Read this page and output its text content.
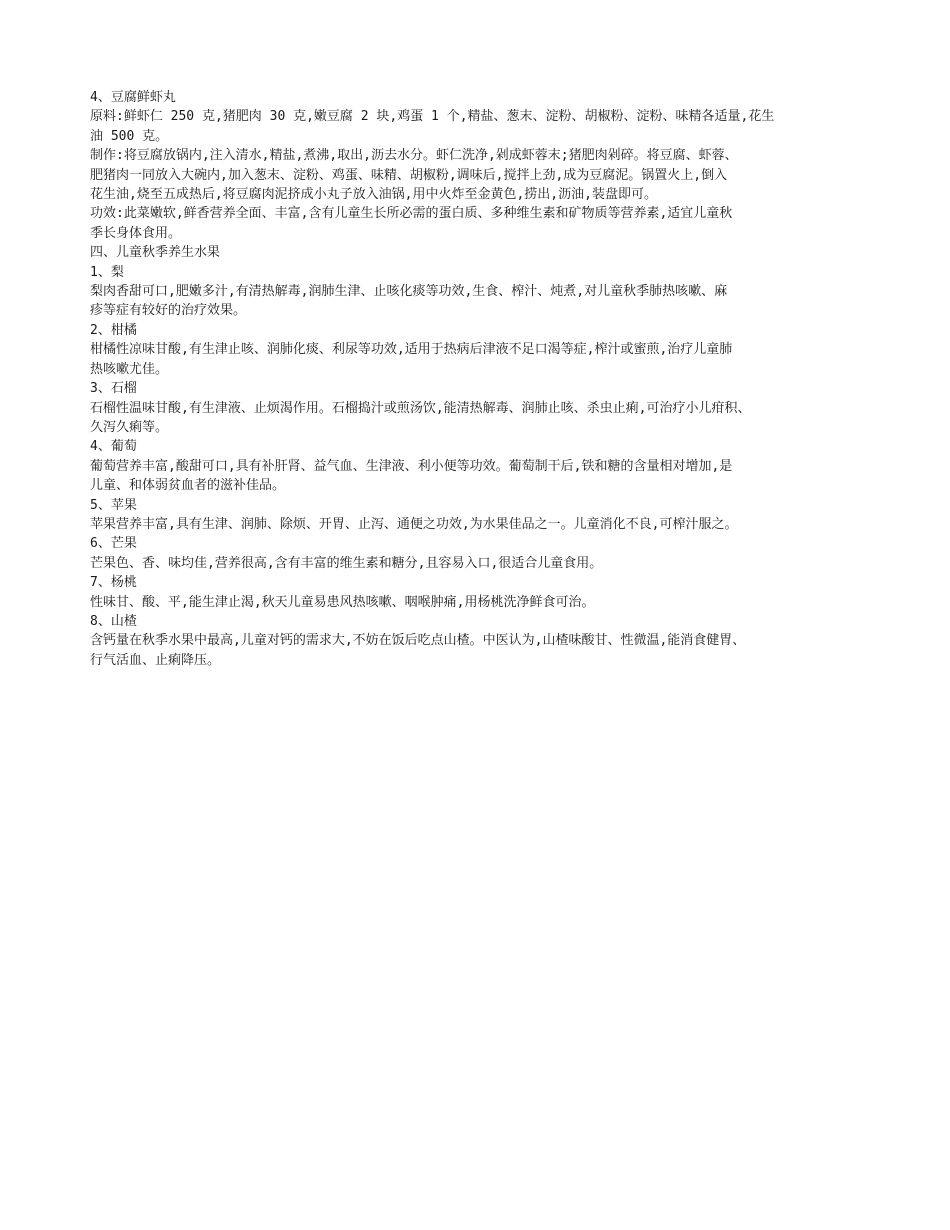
4、豆腐鲜虾丸
原料:鲜虾仁 250 克,猪肥肉 30 克,嫩豆腐 2 块,鸡蛋 1 个,精盐、葱末、淀粉、胡椒粉、淀粉、味精各适量,花生
油 500 克。
制作:将豆腐放锅内,注入清水,精盐,煮沸,取出,沥去水分。虾仁洗净,剁成虾蓉末;猪肥肉剁碎。将豆腐、虾蓉、
肥猪肉一同放入大碗内,加入葱末、淀粉、鸡蛋、味精、胡椒粉,调味后,搅拌上劲,成为豆腐泥。锅置火上,倒入
花生油,烧至五成热后,将豆腐肉泥挤成小丸子放入油锅,用中火炸至金黄色,捞出,沥油,装盘即可。
功效:此菜嫩软,鲜香营养全面、丰富,含有儿童生长所必需的蛋白质、多种维生素和矿物质等营养素,适宜儿童秋
季长身体食用。
四、儿童秋季养生水果
1、梨
梨肉香甜可口,肥嫩多汁,有清热解毒,润肺生津、止咳化痰等功效,生食、榨汁、炖煮,对儿童秋季肺热咳嗽、麻
疹等症有较好的治疗效果。
2、柑橘
柑橘性凉味甘酸,有生津止咳、润肺化痰、利尿等功效,适用于热病后津液不足口渴等症,榨汁或蜜煎,治疗儿童肺
热咳嗽尤佳。
3、石榴
石榴性温味甘酸,有生津液、止烦渴作用。石榴捣汁或煎汤饮,能清热解毒、润肺止咳、杀虫止痢,可治疗小儿疳积、
久泻久痢等。
4、葡萄
葡萄营养丰富,酸甜可口,具有补肝肾、益气血、生津液、利小便等功效。葡萄制干后,铁和糖的含量相对增加,是
儿童、和体弱贫血者的滋补佳品。
5、苹果
苹果营养丰富,具有生津、润肺、除烦、开胃、止泻、通便之功效,为水果佳品之一。儿童消化不良,可榨汁服之。
6、芒果
芒果色、香、味均佳,营养很高,含有丰富的维生素和糖分,且容易入口,很适合儿童食用。
7、杨桃
性味甘、酸、平,能生津止渴,秋天儿童易患风热咳嗽、咽喉肿痛,用杨桃洗净鲜食可治。
8、山楂
含钙量在秋季水果中最高,儿童对钙的需求大,不妨在饭后吃点山楂。中医认为,山楂味酸甘、性微温,能消食健胃、
行气活血、止痢降压。
